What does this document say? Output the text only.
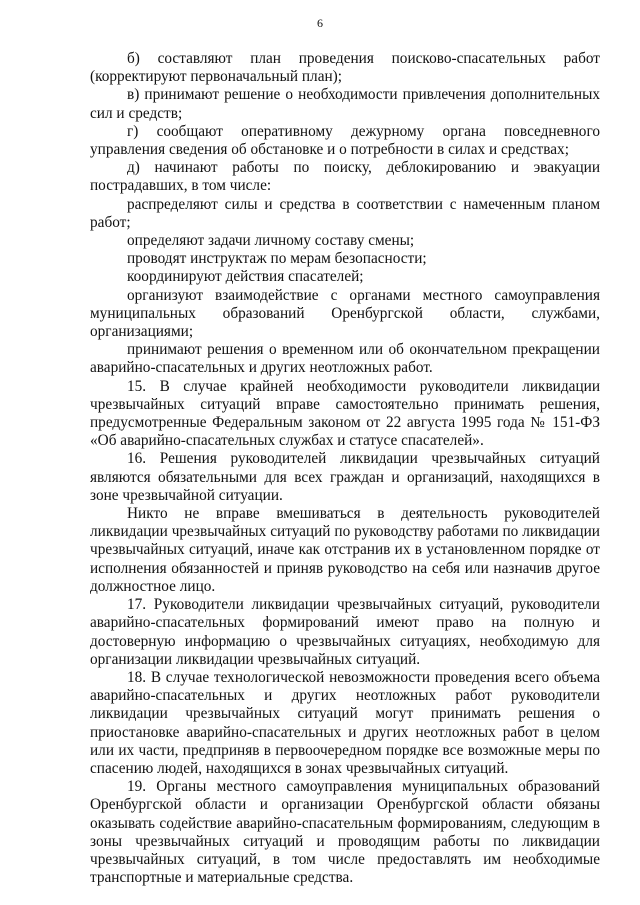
6

б) составляют план проведения поисково-спасательных работ (корректируют первоначальный план);

в) принимают решение о необходимости привлечения дополнительных сил и средств;

г) сообщают оперативному дежурному органа повседневного управления сведения об обстановке и о потребности в силах и средствах;

д) начинают работы по поиску, деблокированию и эвакуации пострадавших, в том числе:

распределяют силы и средства в соответствии с намеченным планом работ;

определяют задачи личному составу смены;

проводят инструктаж по мерам безопасности;

координируют действия спасателей;

организуют взаимодействие с органами местного самоуправления муниципальных образований Оренбургской области, службами, организациями;

принимают решения о временном или об окончательном прекращении аварийно-спасательных и других неотложных работ.

15. В случае крайней необходимости руководители ликвидации чрезвычайных ситуаций вправе самостоятельно принимать решения, предусмотренные Федеральным законом от 22 августа 1995 года № 151-ФЗ «Об аварийно-спасательных службах и статусе спасателей».

16. Решения руководителей ликвидации чрезвычайных ситуаций являются обязательными для всех граждан и организаций, находящихся в зоне чрезвычайной ситуации.

Никто не вправе вмешиваться в деятельность руководителей ликвидации чрезвычайных ситуаций по руководству работами по ликвидации чрезвычайных ситуаций, иначе как отстранив их в установленном порядке от исполнения обязанностей и приняв руководство на себя или назначив другое должностное лицо.

17. Руководители ликвидации чрезвычайных ситуаций, руководители аварийно-спасательных формирований имеют право на полную и достоверную информацию о чрезвычайных ситуациях, необходимую для организации ликвидации чрезвычайных ситуаций.

18. В случае технологической невозможности проведения всего объема аварийно-спасательных и других неотложных работ руководители ликвидации чрезвычайных ситуаций могут принимать решения о приостановке аварийно-спасательных и других неотложных работ в целом или их части, предприняв в первоочередном порядке все возможные меры по спасению людей, находящихся в зонах чрезвычайных ситуаций.

19. Органы местного самоуправления муниципальных образований Оренбургской области и организации Оренбургской области обязаны оказывать содействие аварийно-спасательным формированиям, следующим в зоны чрезвычайных ситуаций и проводящим работы по ликвидации чрезвычайных ситуаций, в том числе предоставлять им необходимые транспортные и материальные средства.
